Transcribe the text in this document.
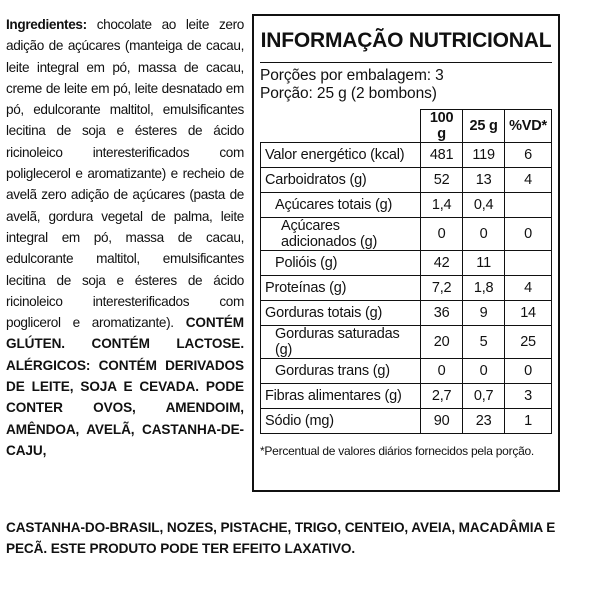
Ingredientes: chocolate ao leite zero adição de açúcares (manteiga de cacau, leite integral em pó, massa de cacau, creme de leite em pó, leite desnatado em pó, edulcorante maltitol, emulsificantes lecitina de soja e ésteres de ácido ricinoleico interesterificados com poliglecerol e aromatizante) e recheio de avelã zero adição de açúcares (pasta de avelã, gordura vegetal de palma, leite integral em pó, massa de cacau, edulcorante maltitol, emulsificantes lecitina de soja e ésteres de ácido ricinoleico interesterificados com poglicerol e aromatizante). CONTÉM GLÚTEN. CONTÉM LACTOSE. ALÉRGICOS: CONTÉM DERIVADOS DE LEITE, SOJA E CEVADA. PODE CONTER OVOS, AMENDOIM, AMÊNDOA, AVELÃ, CASTANHA-DE-CAJU,
CASTANHA-DO-BRASIL, NOZES, PISTACHE, TRIGO, CENTEIO, AVEIA, MACADÂMIA E PECÃ. ESTE PRODUTO PODE TER EFEITO LAXATIVO.
INFORMAÇÃO NUTRICIONAL
Porções por embalagem: 3
Porção: 25 g (2 bombons)
	100 g	25 g	%VD*
Valor energético (kcal)	481	119	6
Carboidratos (g)	52	13	4
Açúcares totais (g)	1,4	0,4	
Açúcares adicionados (g)	0	0	0
Polióis (g)	42	11	
Proteínas (g)	7,2	1,8	4
Gorduras totais (g)	36	9	14
Gorduras saturadas (g)	20	5	25
Gorduras trans (g)	0	0	0
Fibras alimentares (g)	2,7	0,7	3
Sódio (mg)	90	23	1
*Percentual de valores diários fornecidos pela porção.
